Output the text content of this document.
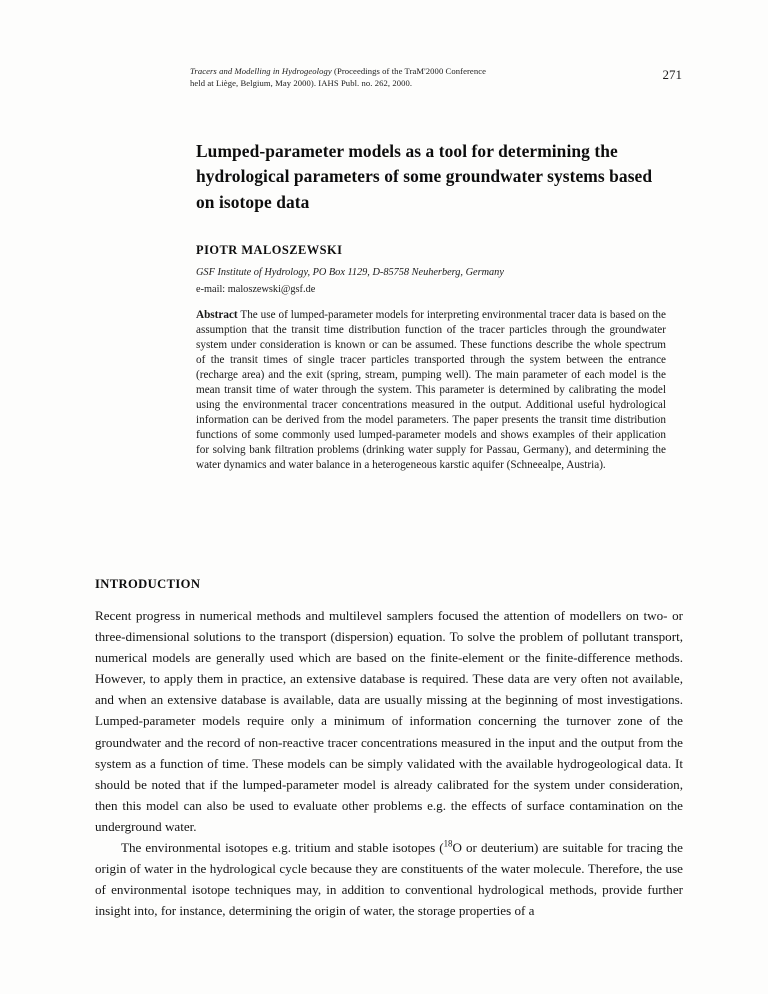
Tracers and Modelling in Hydrogeology (Proceedings of the TraM'2000 Conference
held at Liège, Belgium, May 2000). IAHS Publ. no. 262, 2000.
271
Lumped-parameter models as a tool for determining the hydrological parameters of some groundwater systems based on isotope data
PIOTR MALOSZEWSKI
GSF Institute of Hydrology, PO Box 1129, D-85758 Neuherberg, Germany
e-mail: maloszewski@gsf.de
Abstract The use of lumped-parameter models for interpreting environmental tracer data is based on the assumption that the transit time distribution function of the tracer particles through the groundwater system under consideration is known or can be assumed. These functions describe the whole spectrum of the transit times of single tracer particles transported through the system between the entrance (recharge area) and the exit (spring, stream, pumping well). The main parameter of each model is the mean transit time of water through the system. This parameter is determined by calibrating the model using the environmental tracer concentrations measured in the output. Additional useful hydrological information can be derived from the model parameters. The paper presents the transit time distribution functions of some commonly used lumped-parameter models and shows examples of their application for solving bank filtration problems (drinking water supply for Passau, Germany), and determining the water dynamics and water balance in a heterogeneous karstic aquifer (Schneealpe, Austria).
INTRODUCTION

Recent progress in numerical methods and multilevel samplers focused the attention of modellers on two- or three-dimensional solutions to the transport (dispersion) equation. To solve the problem of pollutant transport, numerical models are generally used which are based on the finite-element or the finite-difference methods. However, to apply them in practice, an extensive database is required. These data are very often not available, and when an extensive database is available, data are usually missing at the beginning of most investigations. Lumped-parameter models require only a minimum of information concerning the turnover zone of the groundwater and the record of non-reactive tracer concentrations measured in the input and the output from the system as a function of time. These models can be simply validated with the available hydrogeological data. It should be noted that if the lumped-parameter model is already calibrated for the system under consideration, then this model can also be used to evaluate other problems e.g. the effects of surface contamination on the underground water.

The environmental isotopes e.g. tritium and stable isotopes ($^{18}$O or deuterium) are suitable for tracing the origin of water in the hydrological cycle because they are constituents of the water molecule. Therefore, the use of environmental isotope techniques may, in addition to conventional hydrological methods, provide further insight into, for instance, determining the origin of water, the storage properties of a
